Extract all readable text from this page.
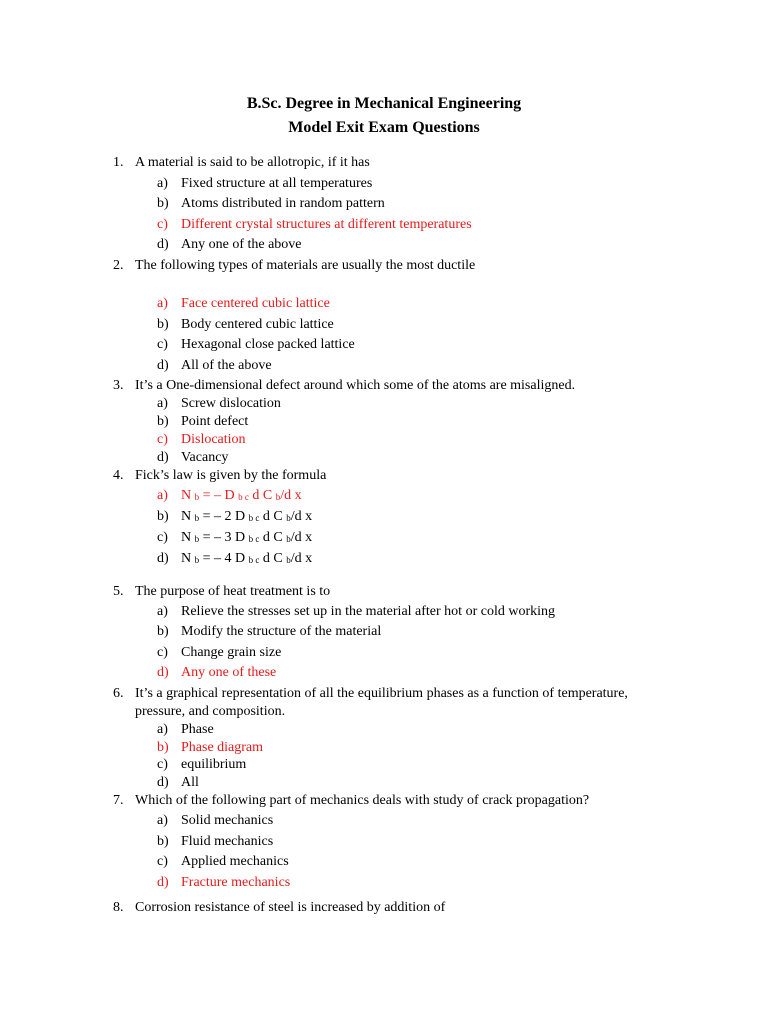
B.Sc. Degree in Mechanical Engineering
Model Exit Exam Questions
1. A material is said to be allotropic, if it has
a) Fixed structure at all temperatures
b) Atoms distributed in random pattern
c) Different crystal structures at different temperatures
d) Any one of the above
2. The following types of materials are usually the most ductile
a) Face centered cubic lattice
b) Body centered cubic lattice
c) Hexagonal close packed lattice
d) All of the above
3. It’s a One-dimensional defect around which some of the atoms are misaligned.
a) Screw dislocation
b) Point defect
c) Dislocation
d) Vacancy
4. Fick’s law is given by the formula
a) N $_b$ = – D $_{b c}$ d C $_b$/d x
b) N $_b$ = – 2 D $_{b c}$ d C $_b$/d x
c) N $_b$ = – 3 D $_{b c}$ d C $_b$/d x
d) N $_b$ = – 4 D $_{b c}$ d C $_b$/d x
5. The purpose of heat treatment is to
a) Relieve the stresses set up in the material after hot or cold working
b) Modify the structure of the material
c) Change grain size
d) Any one of these
6. It’s a graphical representation of all the equilibrium phases as a function of temperature,
pressure, and composition.
a) Phase
b) Phase diagram
c) equilibrium
d) All
7. Which of the following part of mechanics deals with study of crack propagation?
a) Solid mechanics
b) Fluid mechanics
c) Applied mechanics
d) Fracture mechanics
8. Corrosion resistance of steel is increased by addition of
